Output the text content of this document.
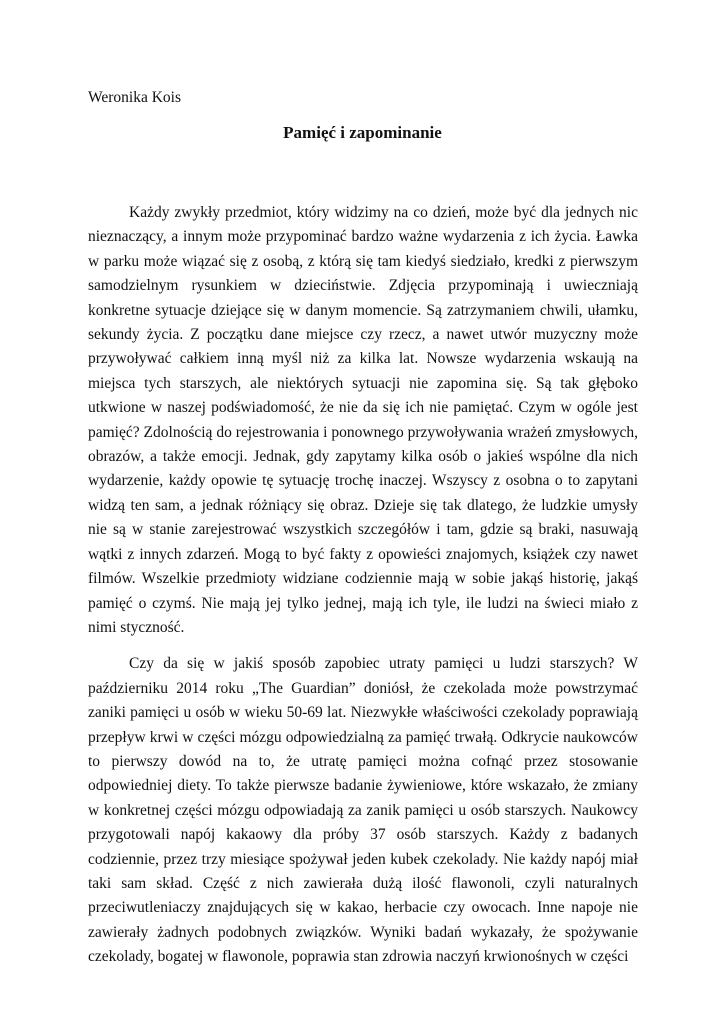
Weronika Kois

Pamięć i zapominanie

Każdy zwykły przedmiot, który widzimy na co dzień, może być dla jednych nic nieznaczący, a innym może przypominać bardzo ważne wydarzenia z ich życia. Ławka w parku może wiązać się z osobą, z którą się tam kiedyś siedziało, kredki z pierwszym samodzielnym rysunkiem w dzieciństwie. Zdjęcia przypominają i uwieczniają konkretne sytuacje dziejące się w danym momencie. Są zatrzymaniem chwili, ułamku, sekundy życia. Z początku dane miejsce czy rzecz, a nawet utwór muzyczny może przywoływać całkiem inną myśl niż za kilka lat. Nowsze wydarzenia wskaują na miejsca tych starszych, ale niektórych sytuacji nie zapomina się. Są tak głęboko utkwione w naszej podświadomość, że nie da się ich nie pamiętać. Czym w ogóle jest pamięć? Zdolnością do rejestrowania i ponownego przywoływania wrażeń zmysłowych, obrazów, a także emocji. Jednak, gdy zapytamy kilka osób o jakieś wspólne dla nich wydarzenie, każdy opowie tę sytuację trochę inaczej. Wszyscy z osobna o to zapytani widzą ten sam, a jednak różniący się obraz. Dzieje się tak dlatego, że ludzkie umysły nie są w stanie zarejestrować wszystkich szczegółów i tam, gdzie są braki, nasuwają wątki z innych zdarzeń. Mogą to być fakty z opowieści znajomych, książek czy nawet filmów. Wszelkie przedmioty widziane codziennie mają w sobie jakąś historię, jakąś pamięć o czymś. Nie mają jej tylko jednej, mają ich tyle, ile ludzi na świeci miało z nimi styczność.

Czy da się w jakiś sposób zapobiec utraty pamięci u ludzi starszych? W październiku 2014 roku „The Guardian” doniósł, że czekolada może powstrzymać zaniki pamięci u osób w wieku 50-69 lat. Niezwykłe właściwości czekolady poprawiają przepływ krwi w części mózgu odpowiedzialną za pamięć trwałą. Odkrycie naukowców to pierwszy dowód na to, że utratę pamięci można cofnąć przez stosowanie odpowiedniej diety. To także pierwsze badanie żywieniowe, które wskazało, że zmiany w konkretnej części mózgu odpowiadają za zanik pamięci u osób starszych. Naukowcy przygotowali napój kakaowy dla próby 37 osób starszych. Każdy z badanych codziennie, przez trzy miesiące spożywał jeden kubek czekolady. Nie każdy napój miał taki sam skład. Część z nich zawierała dużą ilość flawonoli, czyli naturalnych przeciwutleniaczy znajdujących się w kakao, herbacie czy owocach. Inne napoje nie zawierały żadnych podobnych związków. Wyniki badań wykazały, że spożywanie czekolady, bogatej w flawonole, poprawia stan zdrowia naczyń krwionośnych w części
